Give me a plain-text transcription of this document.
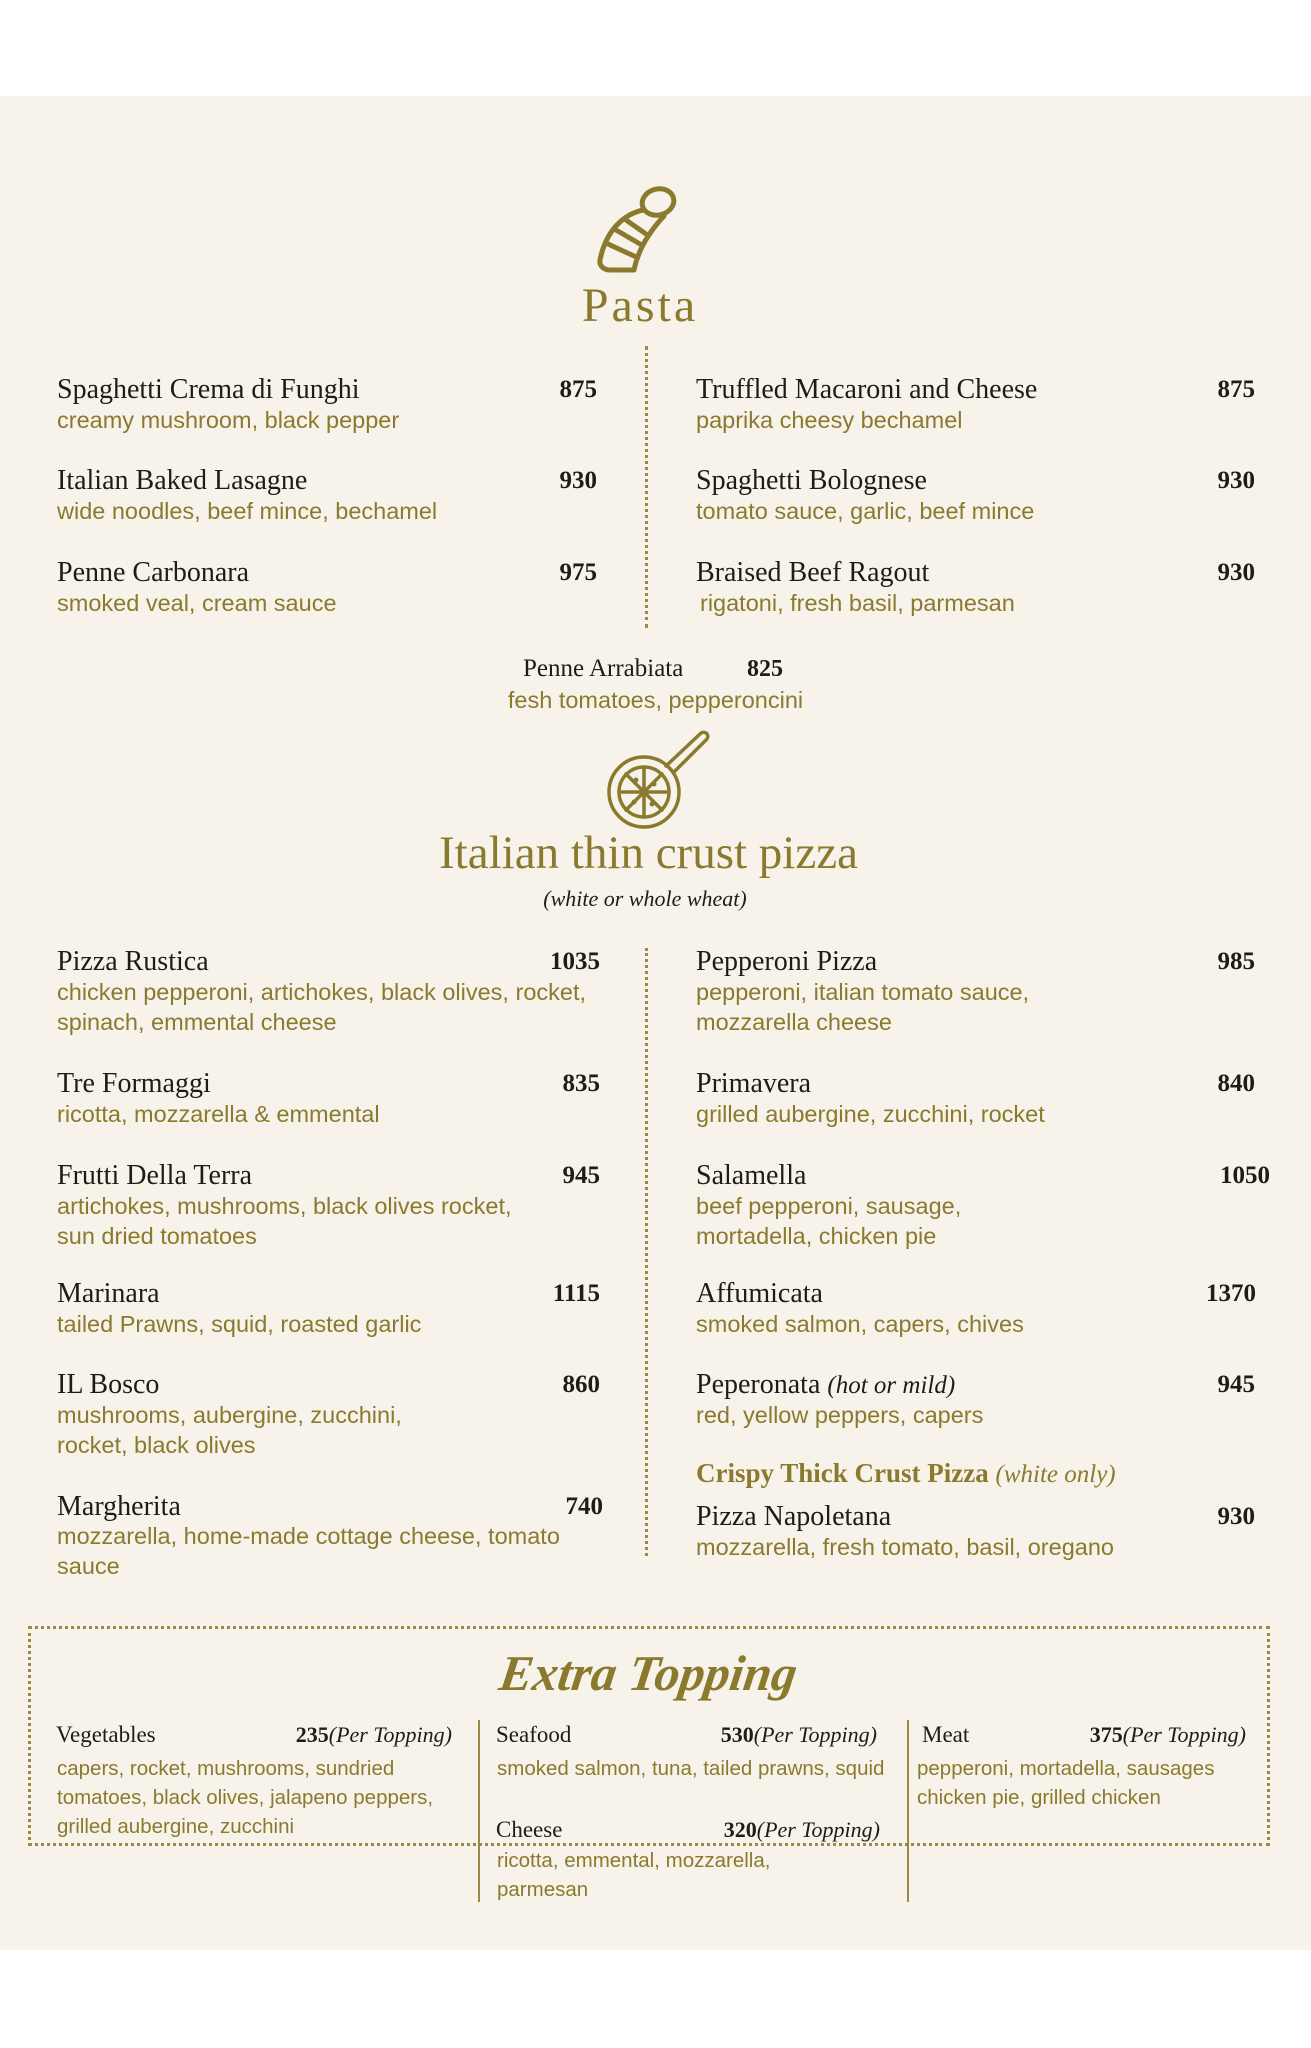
Pasta
Spaghetti Crema di Funghi	875
creamy mushroom, black pepper
Truffled Macaroni and Cheese	875
paprika cheesy bechamel
Italian Baked Lasagne	930
wide noodles, beef mince, bechamel
Spaghetti Bolognese	930
tomato sauce, garlic, beef mince
Penne Carbonara	975
smoked veal, cream sauce
Braised Beef Ragout	930
rigatoni, fresh basil, parmesan
Penne Arrabiata	825
fesh tomatoes, pepperoncini
Italian thin crust pizza
(white or whole wheat)
Pizza Rustica	1035
chicken pepperoni, artichokes, black olives, rocket, spinach, emmental cheese
Pepperoni Pizza	985
pepperoni, italian tomato sauce, mozzarella cheese
Tre Formaggi	835
ricotta, mozzarella & emmental
Primavera	840
grilled aubergine, zucchini, rocket
Frutti Della Terra	945
artichokes, mushrooms, black olives rocket, sun dried tomatoes
Salamella	1050
beef pepperoni, sausage, mortadella, chicken pie
Marinara	1115
tailed Prawns, squid, roasted garlic
Affumicata	1370
smoked salmon, capers, chives
IL Bosco	860
mushrooms, aubergine, zucchini, rocket, black olives
Peperonata (hot or mild)	945
red, yellow peppers, capers
Crispy Thick Crust Pizza (white only)
Margherita	740
mozzarella, home-made cottage cheese, tomato sauce
Pizza Napoletana	930
mozzarella, fresh tomato, basil, oregano
Extra Topping
Vegetables	235(Per Topping)
capers, rocket, mushrooms, sundried tomatoes, black olives, jalapeno peppers, grilled aubergine, zucchini
Seafood	530(Per Topping)
smoked salmon, tuna, tailed prawns, squid
Cheese	320(Per Topping)
ricotta, emmental, mozzarella, parmesan
Meat	375(Per Topping)
pepperoni, mortadella, sausages chicken pie, grilled chicken
